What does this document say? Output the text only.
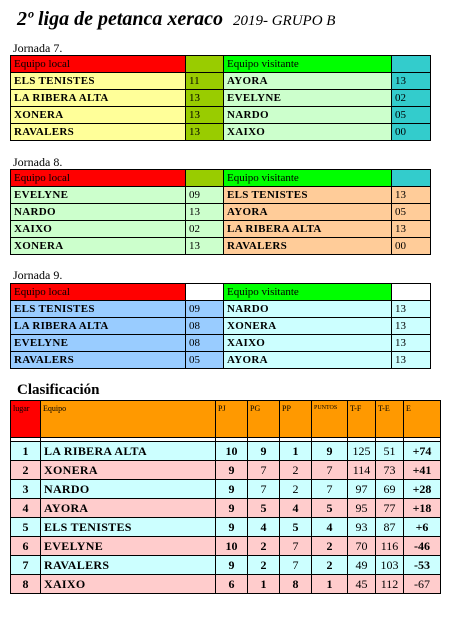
2º liga de petanca xeraco 2019- GRUPO B
Jornada 7.
Equipo local		Equipo visitante	
ELS TENISTES	11	AYORA	13
LA RIBERA ALTA	13	EVELYNE	02
XONERA	13	NARDO	05
RAVALERS	13	XAIXO	00
Jornada 8.
Equipo local		Equipo visitante	
EVELYNE	09	ELS TENISTES	13
NARDO	13	AYORA	05
XAIXO	02	LA RIBERA ALTA	13
XONERA	13	RAVALERS	00
Jornada 9.
Equipo local		Equipo visitante	
ELS TENISTES	09	NARDO	13
LA RIBERA ALTA	08	XONERA	13
EVELYNE	08	XAIXO	13
RAVALERS	05	AYORA	13
Clasificación
lugar	Equipo	PJ	PG	PP	PUNTOS	T-F	T-E	E

1	LA RIBERA ALTA	10	9	1	9	125	51	+74
2	XONERA	9	7	2	7	114	73	+41
3	NARDO	9	7	2	7	97	69	+28
4	AYORA	9	5	4	5	95	77	+18
5	ELS TENISTES	9	4	5	4	93	87	+6
6	EVELYNE	10	2	7	2	70	116	-46
7	RAVALERS	9	2	7	2	49	103	-53
8	XAIXO	6	1	8	1	45	112	-67
